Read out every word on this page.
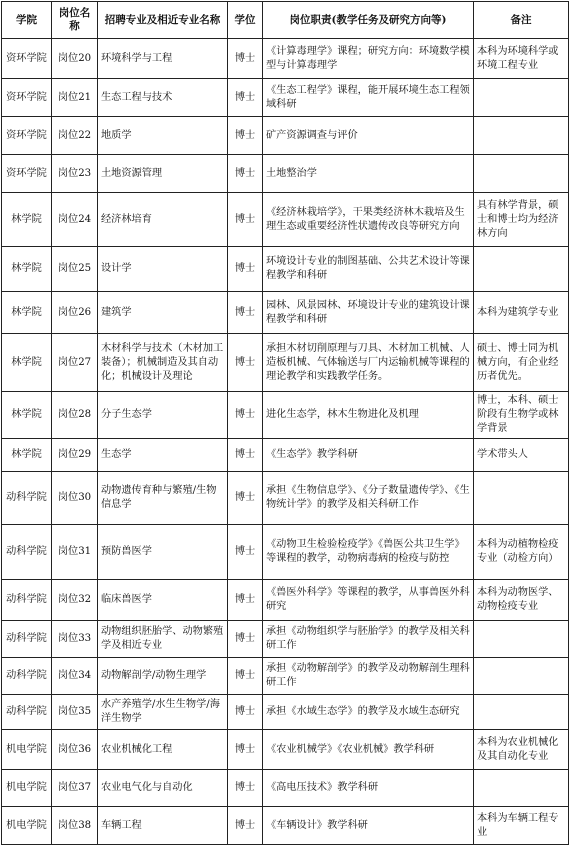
学院	岗位名称	招聘专业及相近专业名称	学位	岗位职责(教学任务及研究方向等)	备注
资环学院	岗位20	环境科学与工程	博士	《计算毒理学》课程；研究方向：环境数学模型与计算毒理学	本科为环境科学或环境工程专业
资环学院	岗位21	生态工程与技术	博士	《生态工程学》课程，能开展环境生态工程领域科研	
资环学院	岗位22	地质学	博士	矿产资源调查与评价	
资环学院	岗位23	土地资源管理	博士	土地整治学	
林学院	岗位24	经济林培育	博士	《经济林栽培学》，干果类经济林木栽培及生理生态或重要经济性状遗传改良等研究方向	具有林学背景，硕士和博士均为经济林方向
林学院	岗位25	设计学	博士	环境设计专业的制图基础、公共艺术设计等课程教学和科研	
林学院	岗位26	建筑学	博士	园林、风景园林、环境设计专业的建筑设计课程教学和科研	本科为建筑学专业
林学院	岗位27	木材科学与技术（木材加工装备）；机械制造及其自动化；机械设计及理论	博士	承担木材切削原理与刀具、木材加工机械、人造板机械、气体输送与厂内运输机械等课程的理论教学和实践教学任务。	硕士、博士同为机械方向，有企业经历者优先。
林学院	岗位28	分子生态学	博士	进化生态学，林木生物进化及机理	博士，本科、硕士阶段有生物学或林学背景
林学院	岗位29	生态学	博士	《生态学》教学科研	学术带头人
动科学院	岗位30	动物遗传育种与繁殖/生物信息学	博士	承担《生物信息学》、《分子数量遗传学》、《生物统计学》的教学及相关科研工作	
动科学院	岗位31	预防兽医学	博士	《动物卫生检验检疫学》《兽医公共卫生学》等课程的教学，动物病毒病的检疫与防控	本科为动植物检疫专业（动检方向）
动科学院	岗位32	临床兽医学	博士	《兽医外科学》等课程的教学，从事兽医外科研究	本科为动物医学、动物检疫专业
动科学院	岗位33	动物组织胚胎学、动物繁殖学及相近专业	博士	承担《动物组织学与胚胎学》的教学及相关科研工作	
动科学院	岗位34	动物解剖学/动物生理学	博士	承担《动物解剖学》的教学及动物解剖生理科研工作	
动科学院	岗位35	水产养殖学/水生生物学/海洋生物学	博士	承担《水域生态学》的教学及水域生态研究	
机电学院	岗位36	农业机械化工程	博士	《农业机械学》《农业机械》教学科研	本科为农业机械化及其自动化专业
机电学院	岗位37	农业电气化与自动化	博士	《高电压技术》教学科研	
机电学院	岗位38	车辆工程	博士	《车辆设计》教学科研	本科为车辆工程专业
